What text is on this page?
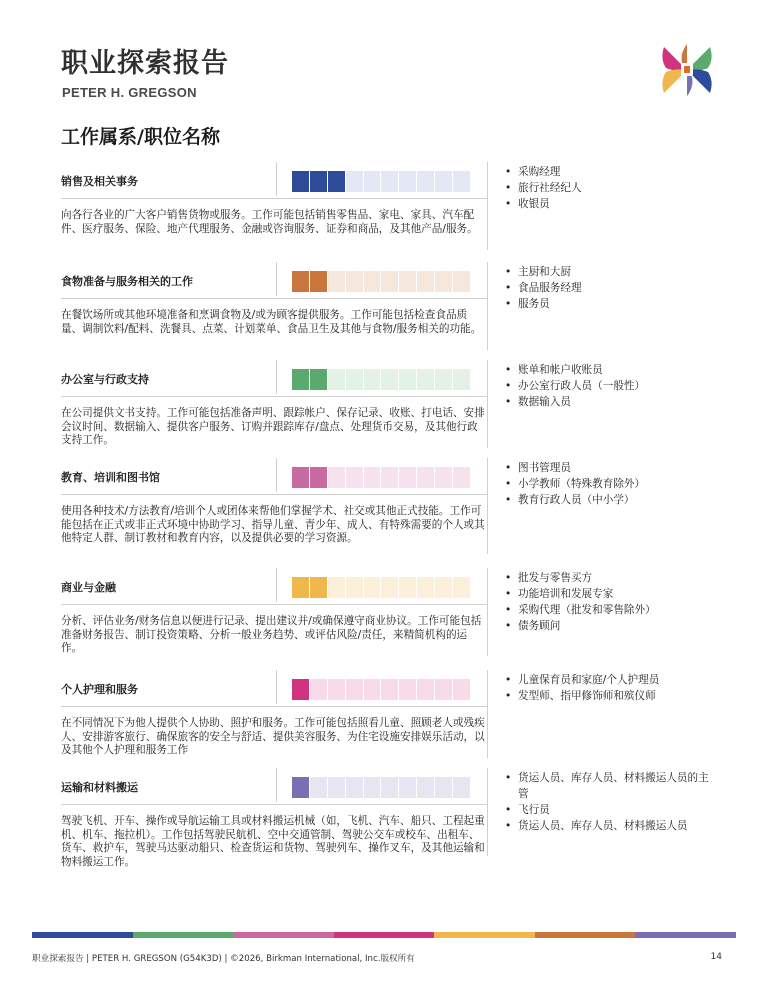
职业探索报告
PETER H. GREGSON
工作属系/职位名称
销售及相关事务
向各行各业的广大客户销售货物或服务。工作可能包括销售零售品、家电、家具、汽车配件、医疗服务、保险、地产代理服务、金融或咨询服务、证券和商品，及其他产品/服务。
• 采购经理
• 旅行社经纪人
• 收银员
食物准备与服务相关的工作
在餐饮场所或其他环境准备和烹调食物及/或为顾客提供服务。工作可能包括检查食品质量、调制饮料/配料、洗餐具、点菜、计划菜单、食品卫生及其他与食物/服务相关的功能。
• 主厨和大厨
• 食品服务经理
• 服务员
办公室与行政支持
在公司提供文书支持。工作可能包括准备声明、跟踪帐户、保存记录、收账、打电话、安排会议时间、数据输入、提供客户服务、订购并跟踪库存/盘点、处理货币交易，及其他行政支持工作。
• 账单和帐户收账员
• 办公室行政人员（一般性）
• 数据输入员
教育、培训和图书馆
使用各种技术/方法教育/培训个人或团体来帮他们掌握学术、社交或其他正式技能。工作可能包括在正式或非正式环境中协助学习、指导儿童、青少年、成人、有特殊需要的个人或其他特定人群、制订教材和教育内容，以及提供必要的学习资源。
• 图书管理员
• 小学教师（特殊教育除外）
• 教育行政人员（中小学）
商业与金融
分析、评估业务/财务信息以便进行记录、提出建议并/或确保遵守商业协议。工作可能包括准备财务报告、制订投资策略、分析一般业务趋势、或评估风险/责任，来精简机构的运作。
• 批发与零售买方
• 功能培训和发展专家
• 采购代理（批发和零售除外）
• 债务顾问
个人护理和服务
在不同情况下为他人提供个人协助、照护和服务。工作可能包括照看儿童、照顾老人或残疾人、安排游客旅行、确保旅客的安全与舒适、提供美容服务、为住宅设施安排娱乐活动，以及其他个人护理和服务工作
• 儿童保育员和家庭/个人护理员
• 发型师、指甲修饰师和殡仪师
运输和材料搬运
驾驶飞机、开车、操作或导航运输工具或材料搬运机械（如，飞机、汽车、船只、工程起重机、机车、拖拉机）。工作包括驾驶民航机、空中交通管制、驾驶公交车或校车、出租车、货车、救护车，驾驶马达驱动船只、检查货运和货物、驾驶列车、操作叉车，及其他运输和物料搬运工作。
• 货运人员、库存人员、材料搬运人员的主管
• 飞行员
• 货运人员、库存人员、材料搬运人员
职业探索报告 | PETER H. GREGSON (G54K3D) | ©2026, Birkman International, Inc.版权所有	14
